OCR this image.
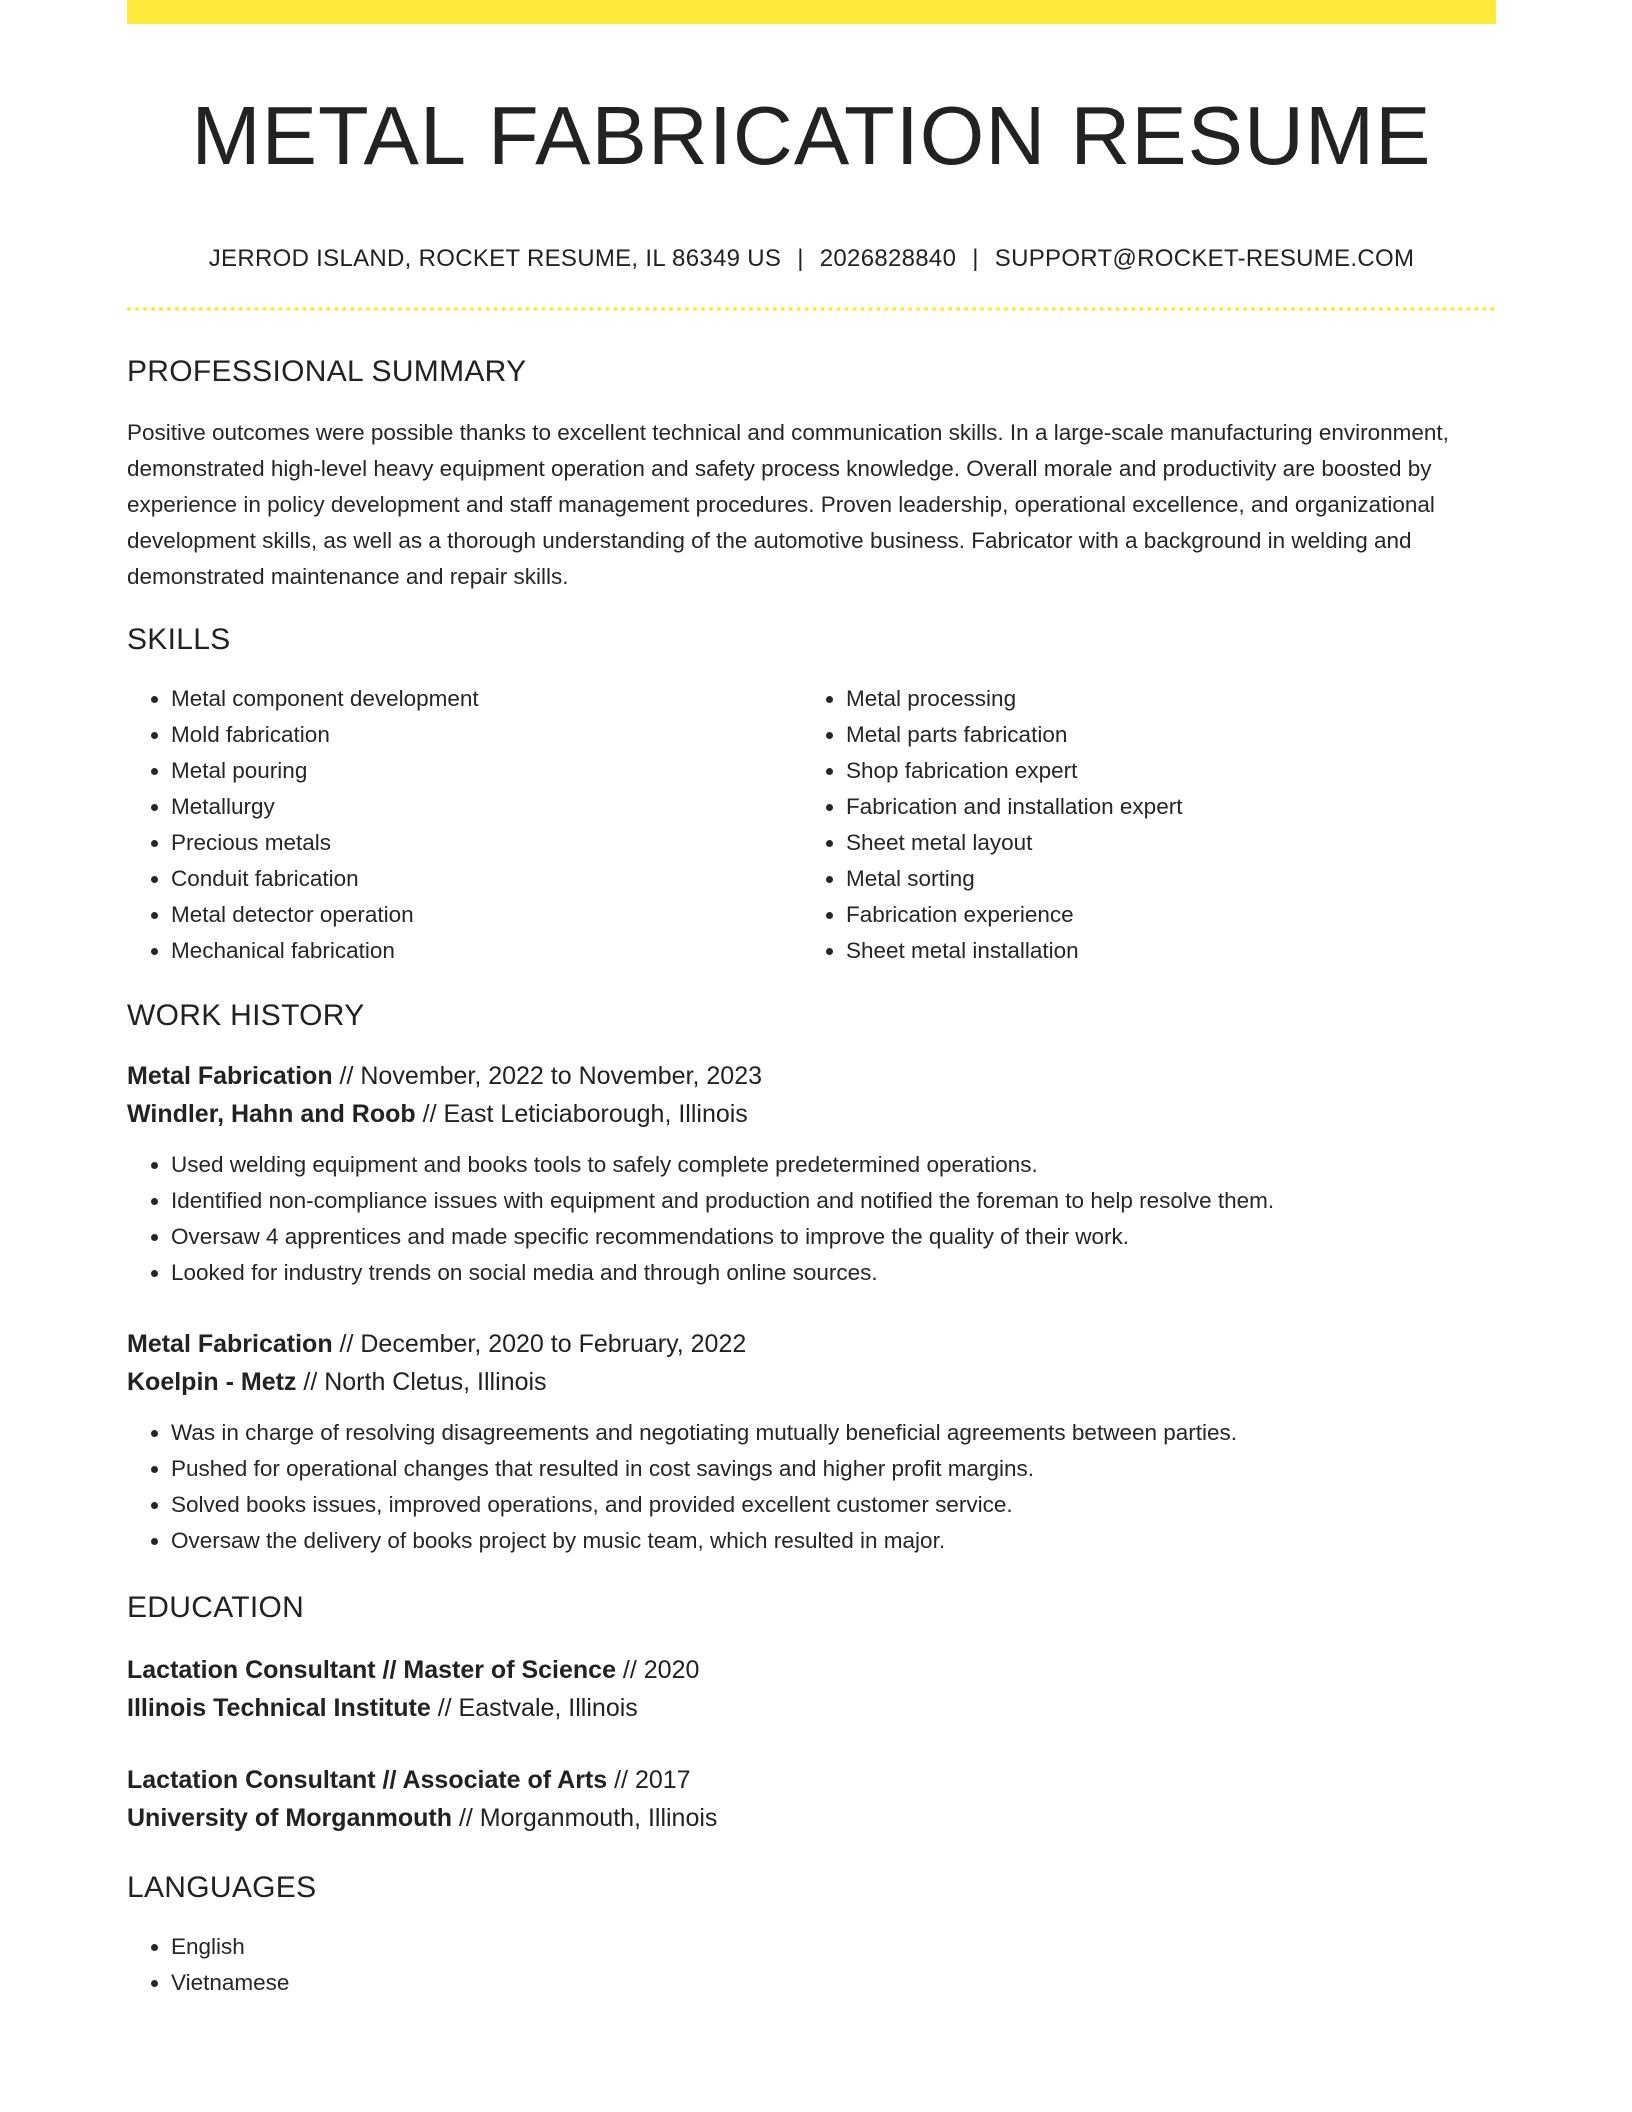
METAL FABRICATION RESUME
JERROD ISLAND, ROCKET RESUME, IL 86349 US | 2026828840 | SUPPORT@ROCKET-RESUME.COM
PROFESSIONAL SUMMARY
Positive outcomes were possible thanks to excellent technical and communication skills. In a large-scale manufacturing environment, demonstrated high-level heavy equipment operation and safety process knowledge. Overall morale and productivity are boosted by experience in policy development and staff management procedures. Proven leadership, operational excellence, and organizational development skills, as well as a thorough understanding of the automotive business. Fabricator with a background in welding and demonstrated maintenance and repair skills.
SKILLS
• Metal component development
• Mold fabrication
• Metal pouring
• Metallurgy
• Precious metals
• Conduit fabrication
• Metal detector operation
• Mechanical fabrication
• Metal processing
• Metal parts fabrication
• Shop fabrication expert
• Fabrication and installation expert
• Sheet metal layout
• Metal sorting
• Fabrication experience
• Sheet metal installation
WORK HISTORY
Metal Fabrication // November, 2022 to November, 2023
Windler, Hahn and Roob // East Leticiaborough, Illinois
• Used welding equipment and books tools to safely complete predetermined operations.
• Identified non-compliance issues with equipment and production and notified the foreman to help resolve them.
• Oversaw 4 apprentices and made specific recommendations to improve the quality of their work.
• Looked for industry trends on social media and through online sources.
Metal Fabrication // December, 2020 to February, 2022
Koelpin - Metz // North Cletus, Illinois
• Was in charge of resolving disagreements and negotiating mutually beneficial agreements between parties.
• Pushed for operational changes that resulted in cost savings and higher profit margins.
• Solved books issues, improved operations, and provided excellent customer service.
• Oversaw the delivery of books project by music team, which resulted in major.
EDUCATION
Lactation Consultant // Master of Science // 2020
Illinois Technical Institute // Eastvale, Illinois
Lactation Consultant // Associate of Arts // 2017
University of Morganmouth // Morganmouth, Illinois
LANGUAGES
• English
• Vietnamese
